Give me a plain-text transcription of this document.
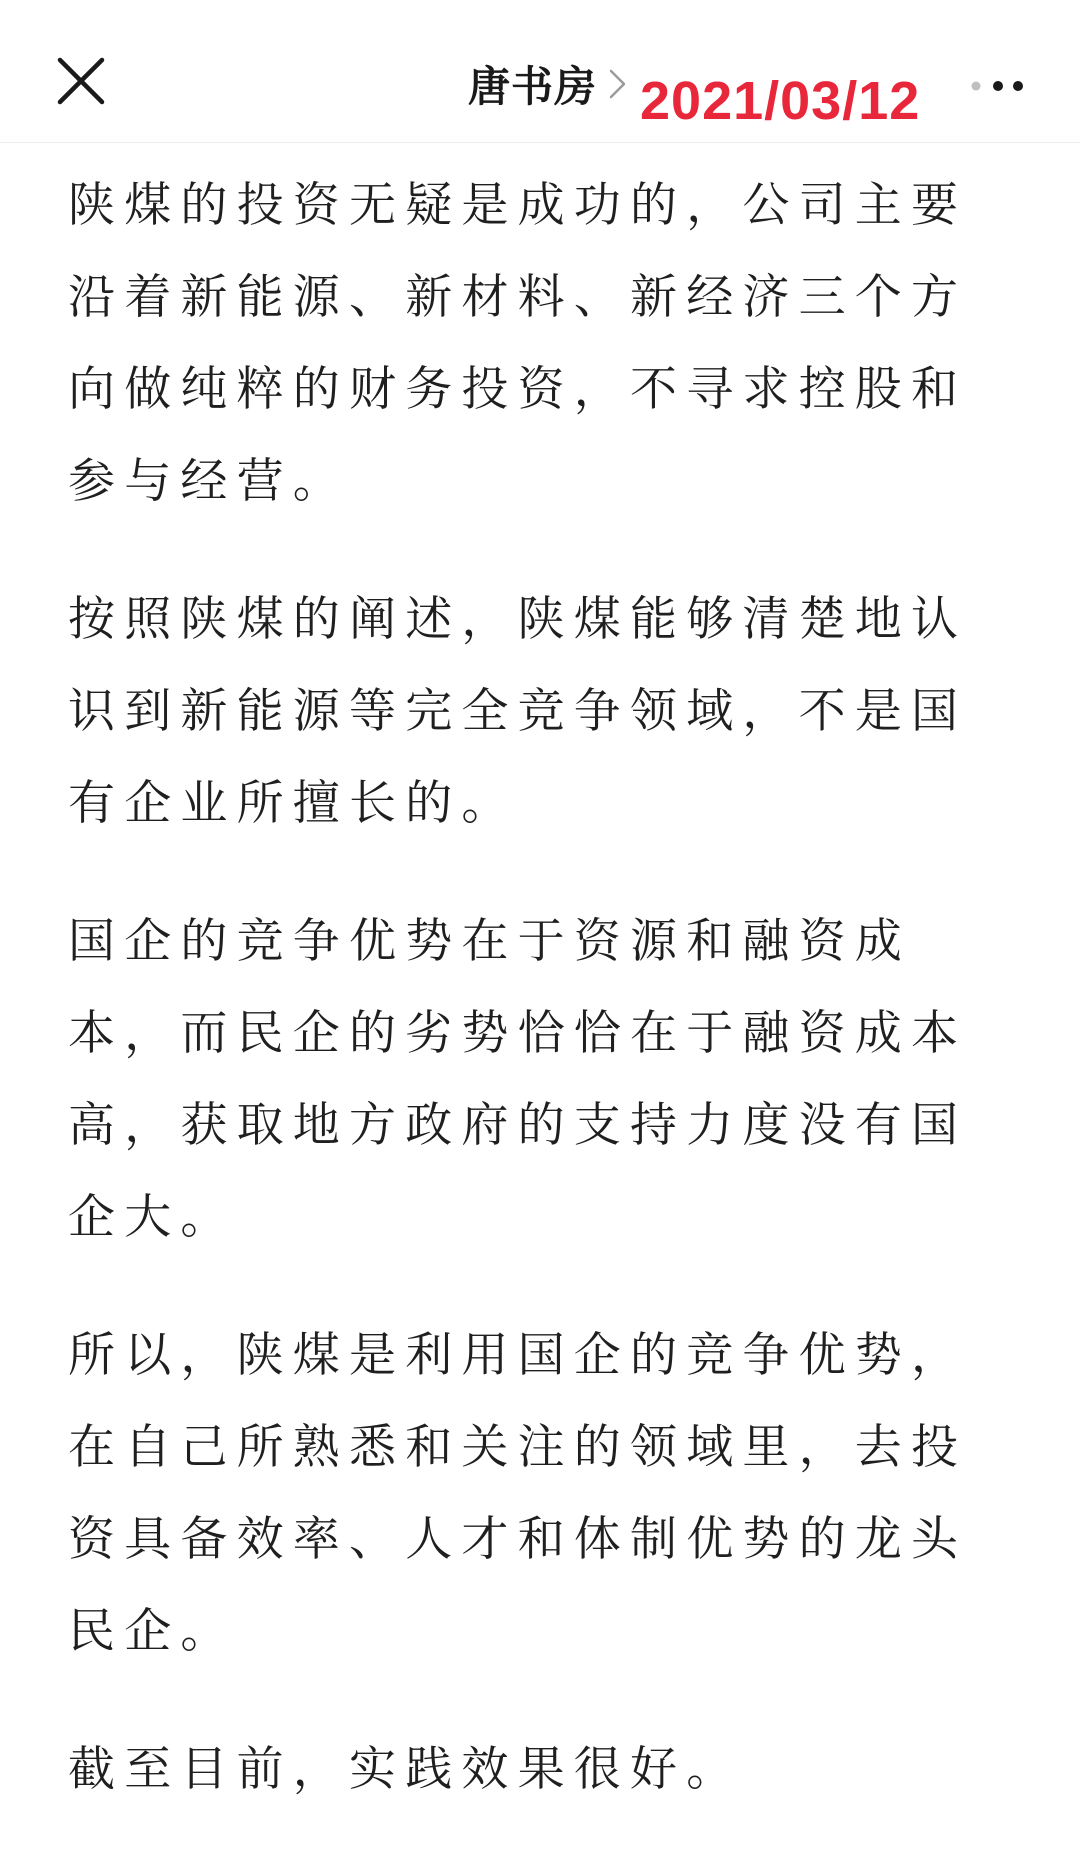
唐书房 2021/03/12

陕煤的投资无疑是成功的，公司主要沿着新能源、新材料、新经济三个方向做纯粹的财务投资，不寻求控股和参与经营。

按照陕煤的阐述，陕煤能够清楚地认识到新能源等完全竞争领域，不是国有企业所擅长的。

国企的竞争优势在于资源和融资成本，而民企的劣势恰恰在于融资成本高，获取地方政府的支持力度没有国企大。

所以，陕煤是利用国企的竞争优势，在自己所熟悉和关注的领域里，去投资具备效率、人才和体制优势的龙头民企。

截至目前，实践效果很好。
